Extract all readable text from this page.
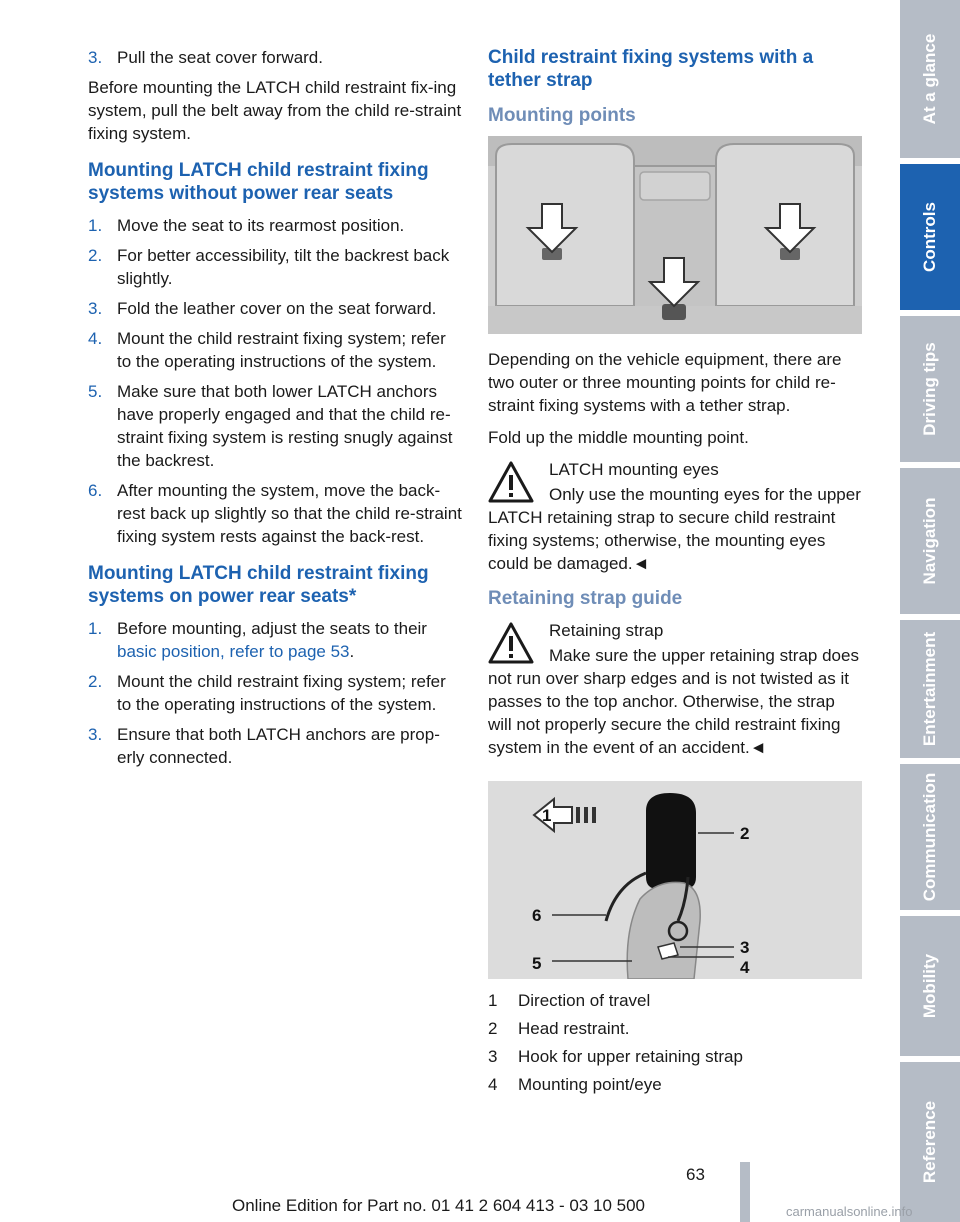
3. Pull the seat cover forward.

Before mounting the LATCH child restraint fix-ing system, pull the belt away from the child re-straint fixing system.

Mounting LATCH child restraint fixing systems without power rear seats
1. Move the seat to its rearmost position.
2. For better accessibility, tilt the backrest back slightly.
3. Fold the leather cover on the seat forward.
4. Mount the child restraint fixing system; refer to the operating instructions of the system.
5. Make sure that both lower LATCH anchors have properly engaged and that the child re-straint fixing system is resting snugly against the backrest.
6. After mounting the system, move the back-rest back up slightly so that the child re-straint fixing system rests against the back-rest.
Mounting LATCH child restraint fixing systems on power rear seats*
1. Before mounting, adjust the seats to their basic position, refer to page 53.
2. Mount the child restraint fixing system; refer to the operating instructions of the system.
3. Ensure that both LATCH anchors are prop-erly connected.
Child restraint fixing systems with a tether strap
Mounting points

Depending on the vehicle equipment, there are two outer or three mounting points for child re-straint fixing systems with a tether strap.

Fold up the middle mounting point.

LATCH mounting eyes
Only use the mounting eyes for the upper LATCH retaining strap to secure child restraint fixing systems; otherwise, the mounting eyes could be damaged.◄
Retaining strap guide
Retaining strap
Make sure the upper retaining strap does not run over sharp edges and is not twisted as it passes to the top anchor. Otherwise, the strap will not properly secure the child restraint fixing system in the event of an accident.◄
1
2
6
3
4
5
1	Direction of travel
2	Head restraint.
3	Hook for upper retaining strap
4	Mounting point/eye
At a glance
Controls
Driving tips
Navigation
Entertainment
Communication
Mobility
Reference
63
Online Edition for Part no. 01 41 2 604 413 - 03 10 500	carmanualsonline.info
